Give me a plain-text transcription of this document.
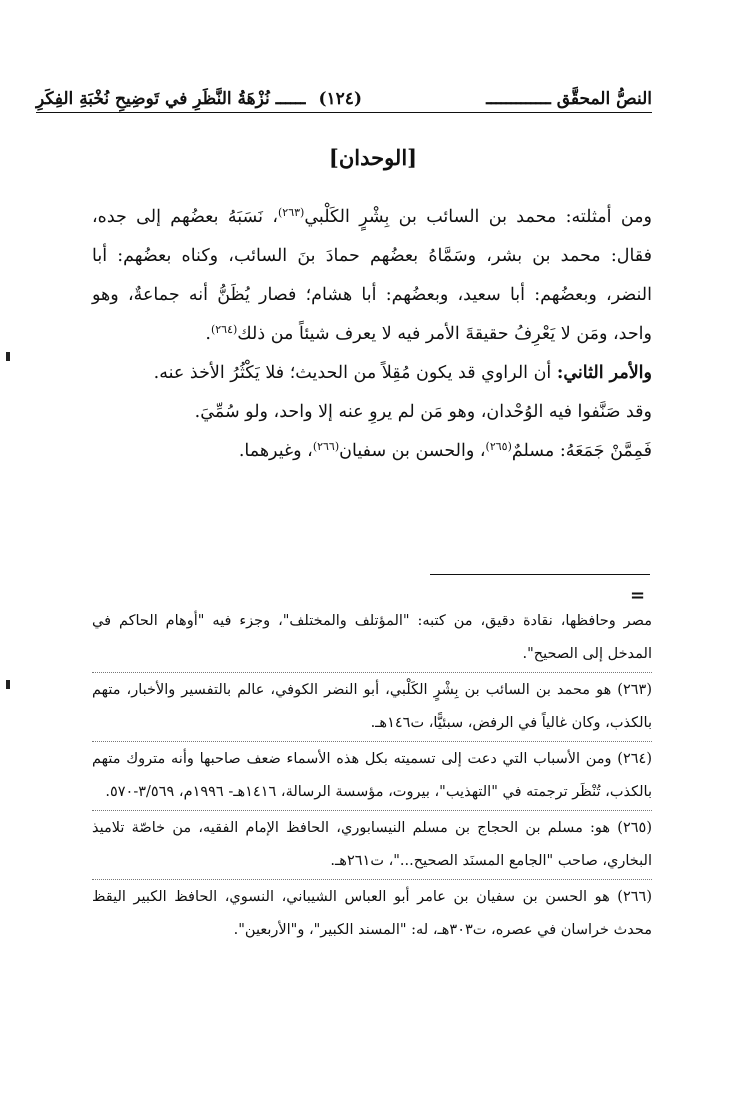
النصُّ المحقَّق ـــــــــــــ
(١٢٤)
ــــــ نُزْهَةُ النَّظَرِ في تَوضِيحِ نُخْبَةِ الفِكَرِ
[الوحدان]

ومن أمثلته: محمد بن السائب بن بِشْرٍ الكَلْبي$^{(٢٦٣)}$، نَسَبَهُ بعضُهم إلى جده، فقال: محمد بن بشر، وسَمَّاهُ بعضُهم حمادَ بنَ السائب، وكناه بعضُهم: أبا النضر، وبعضُهم: أبا سعيد، وبعضُهم: أبا هشام؛ فصار يُظَنُّ أنه جماعةٌ، وهو واحد، ومَن لا يَعْرِفُ حقيقةَ الأمر فيه لا يعرف شيئاً من ذلك$^{(٢٦٤)}$.

والأمر الثاني: أن الراوي قد يكون مُقِلاً من الحديث؛ فلا يَكْثُرُ الأخذ عنه.

وقد صَنَّفوا فيه الوُحْدان، وهو مَن لم يروِ عنه إلا واحد، ولو سُمِّيَ.

فَمِمَّنْ جَمَعَهُ: مسلمٌ$^{(٢٦٥)}$، والحسن بن سفيان$^{(٢٦٦)}$، وغيرهما.

=

مصر وحافظها، نقادة دقيق، من كتبه: "المؤتلف والمختلف"، وجزء فيه "أوهام الحاكم في المدخل إلى الصحيح".

(٢٦٣) هو محمد بن السائب بن بِشْرٍ الكَلْبي، أبو النضر الكوفي، عالم بالتفسير والأخبار، متهم بالكذب، وكان غالياً في الرفض، سبئيًّا، ت١٤٦هـ.

(٢٦٤) ومن الأسباب التي دعت إلى تسميته بكل هذه الأسماء ضعف صاحبها وأنه متروك متهم بالكذب، تُنْظَر ترجمته في "التهذيب"، بيروت، مؤسسة الرسالة، ١٤١٦هـ- ١٩٩٦م، ٣/٥٦٩-٥٧٠.

(٢٦٥) هو: مسلم بن الحجاج بن مسلم النيسابوري، الحافظ الإمام الفقيه، من خاصّة تلاميذ البخاري، صاحب "الجامع المسنَد الصحيح..."، ت٢٦١هـ.

(٢٦٦) هو الحسن بن سفيان بن عامر أبو العباس الشيباني، النسوي، الحافظ الكبير اليقظ محدث خراسان في عصره، ت٣٠٣هـ، له: "المسند الكبير"، و"الأربعين".
